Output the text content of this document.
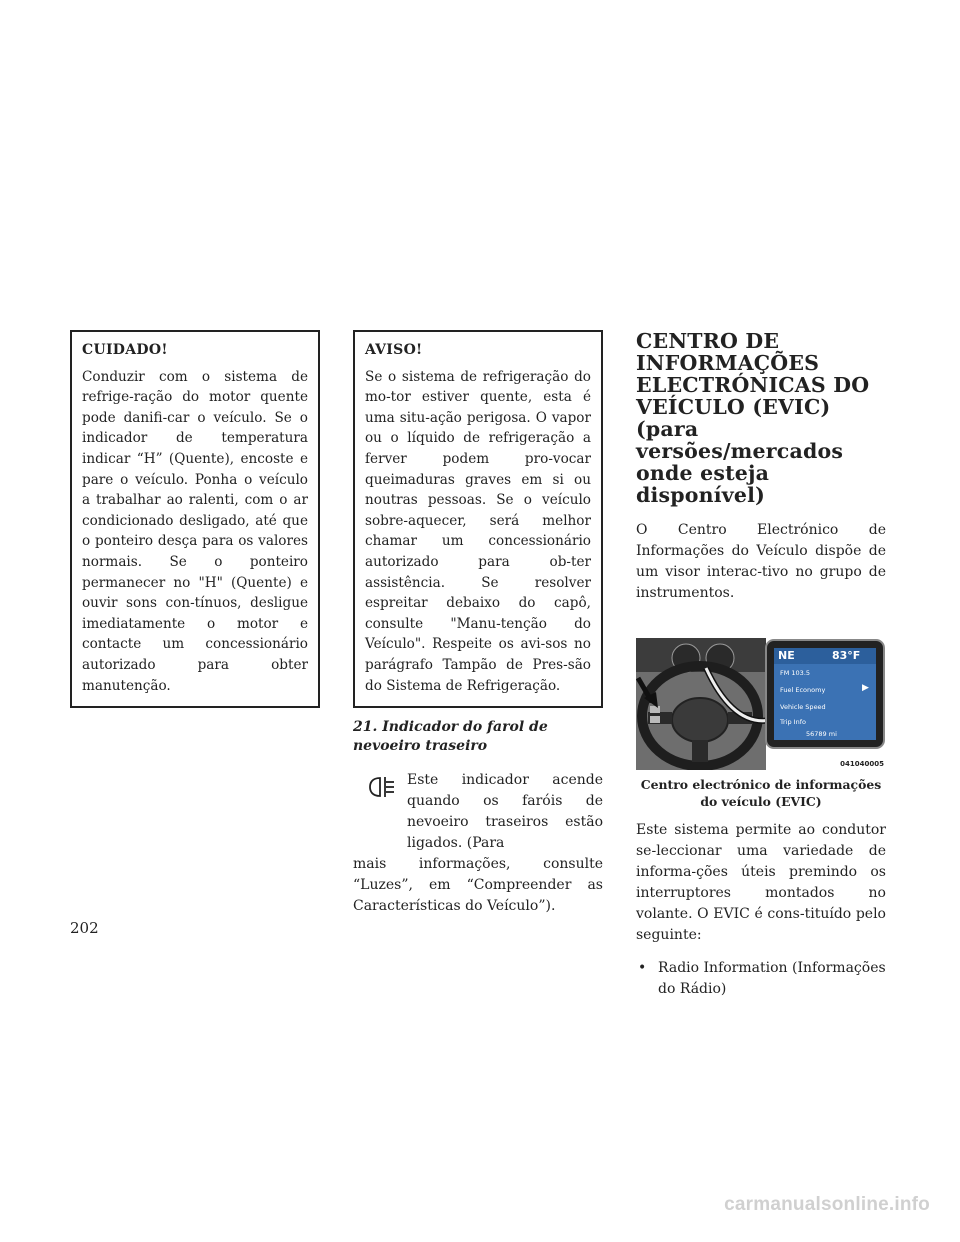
CUIDADO!
Conduzir com o sistema de refrige-ração do motor quente pode danifi-car o veículo. Se o indicador de temperatura indicar “H” (Quente), encoste e pare o veículo. Ponha o veículo a trabalhar ao ralenti, com o ar condicionado desligado, até que o ponteiro desça para os valores normais. Se o ponteiro permanecer no "H" (Quente) e ouvir sons con-tínuos, desligue imediatamente o motor e contacte um concessionário autorizado para obter manutenção.
AVISO!
Se o sistema de refrigeração do mo-tor estiver quente, esta é uma situ-ação perigosa. O vapor ou o líquido de refrigeração a ferver podem pro-vocar queimaduras graves em si ou noutras pessoas. Se o veículo sobre-aquecer, será melhor chamar um concessionário autorizado para ob-ter assistência. Se resolver espreitar debaixo do capô, consulte "Manu-tenção do Veículo". Respeite os avi-sos no parágrafo Tampão de Pres-são do Sistema de Refrigeração.
21. Indicador do farol de nevoeiro traseiro
Este indicador acende quando os faróis de nevoeiro traseiros estão ligados. (Para
mais informações, consulte “Luzes”, em “Compreender as Características do Veículo”).
CENTRO DE INFORMAÇÕES ELECTRÓNICAS DO VEÍCULO (EVIC) (para versões/mercados onde esteja disponível)
O Centro Electrónico de Informações do Veículo dispõe de um visor interac-tivo no grupo de instrumentos.
NE	83°F
FM 103.5
Fuel Economy	▶
Vehicle Speed
Trip Info
56789 mi
041040005
Centro electrónico de informações do veículo (EVIC)
Este sistema permite ao condutor se-leccionar uma variedade de informa-ções úteis premindo os interruptores montados no volante. O EVIC é cons-tituído pelo seguinte:
• Radio Information (Informações do Rádio)
202
carmanualsonline.info
